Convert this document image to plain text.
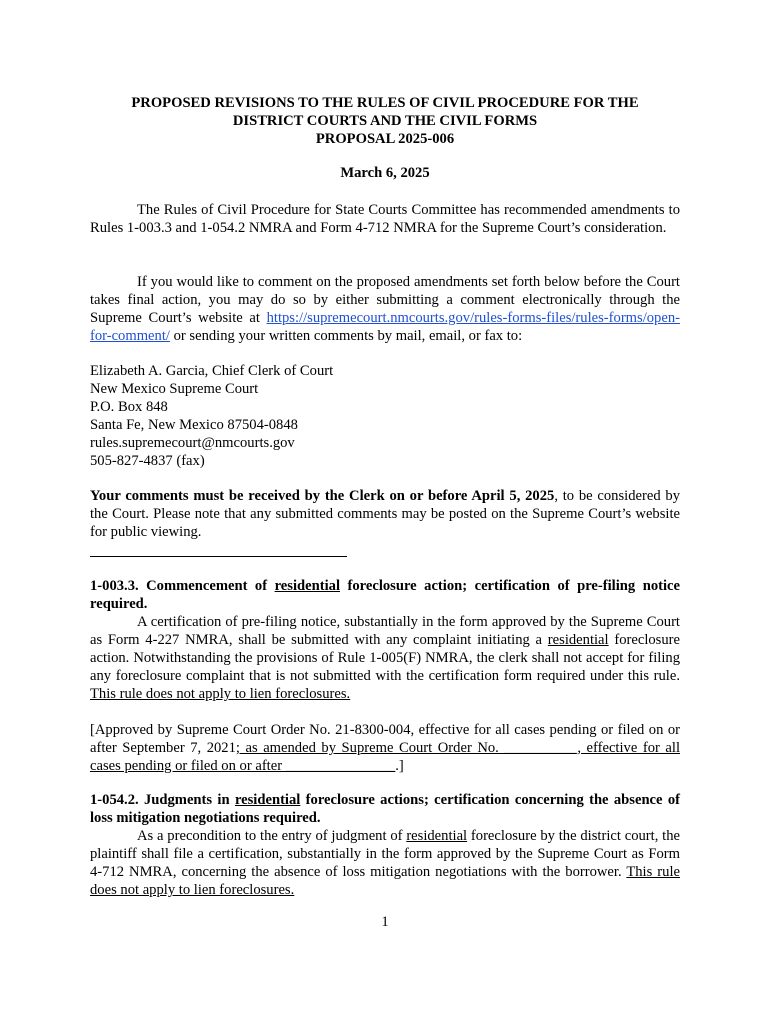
PROPOSED REVISIONS TO THE RULES OF CIVIL PROCEDURE FOR THE
DISTRICT COURTS AND THE CIVIL FORMS
PROPOSAL 2025-006
March 6, 2025
The Rules of Civil Procedure for State Courts Committee has recommended amendments to Rules 1-003.3 and 1-054.2 NMRA and Form 4-712 NMRA for the Supreme Court’s consideration.
If you would like to comment on the proposed amendments set forth below before the Court takes final action, you may do so by either submitting a comment electronically through the Supreme Court’s website at https://supremecourt.nmcourts.gov/rules-forms-files/rules-forms/open-for-comment/ or sending your written comments by mail, email, or fax to:
Elizabeth A. Garcia, Chief Clerk of Court
New Mexico Supreme Court
P.O. Box 848
Santa Fe, New Mexico 87504-0848
rules.supremecourt@nmcourts.gov
505-827-4837 (fax)
Your comments must be received by the Clerk on or before April 5, 2025, to be considered by the Court. Please note that any submitted comments may be posted on the Supreme Court’s website for public viewing.
1-003.3. Commencement of residential foreclosure action; certification of pre-filing notice required.
A certification of pre-filing notice, substantially in the form approved by the Supreme Court as Form 4-227 NMRA, shall be submitted with any complaint initiating a residential foreclosure action. Notwithstanding the provisions of Rule 1-005(F) NMRA, the clerk shall not accept for filing any foreclosure complaint that is not submitted with the certification form required under this rule. This rule does not apply to lien foreclosures.
[Approved by Supreme Court Order No. 21-8300-004, effective for all cases pending or filed on or after September 7, 2021; as amended by Supreme Court Order No. __________, effective for all cases pending or filed on or after _______________.]
1-054.2. Judgments in residential foreclosure actions; certification concerning the absence of loss mitigation negotiations required.
As a precondition to the entry of judgment of residential foreclosure by the district court, the plaintiff shall file a certification, substantially in the form approved by the Supreme Court as Form 4-712 NMRA, concerning the absence of loss mitigation negotiations with the borrower. This rule does not apply to lien foreclosures.
1
